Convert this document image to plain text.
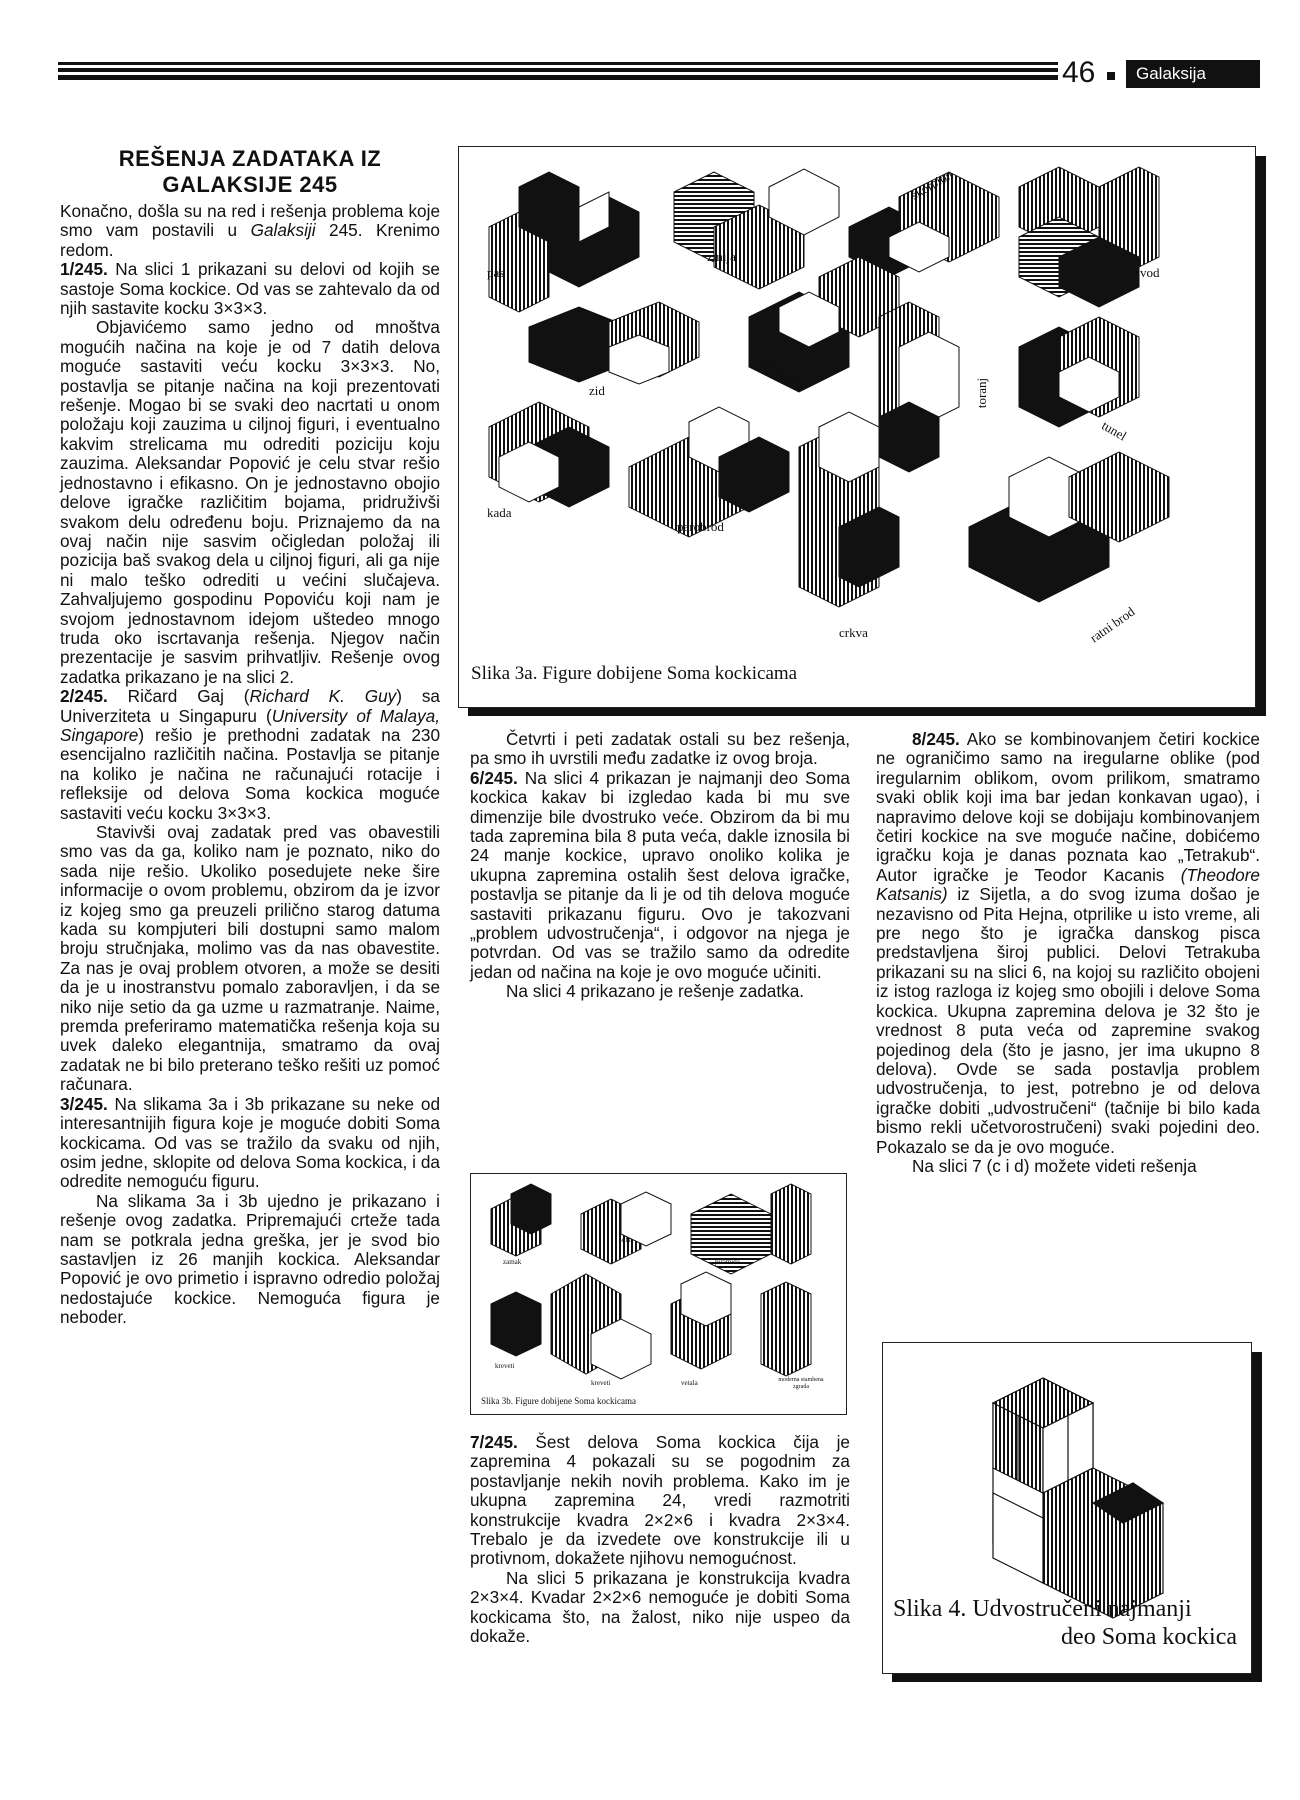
46	Galaksija
REŠENJA ZADATAKA IZ
GALAKSIJE 245

Konačno, došla su na red i rešenja problema koje smo vam postavili u Galaksiji 245. Krenimo redom.

1/245. Na slici 1 prikazani su delovi od kojih se sastoje Soma kockice. Od vas se zahtevalo da od njih sastavite kocku 3×3×3.

Objavićemo samo jedno od mnoštva mogućih načina na koje je od 7 datih delova moguće sastaviti veću kocku 3×3×3. No, postavlja se pitanje načina na koji prezentovati rešenje. Mogao bi se svaki deo nacrtati u onom položaju koji zauzima u ciljnoj figuri, i eventualno kakvim strelicama mu odrediti poziciju koju zauzima. Aleksandar Popović je celu stvar rešio jednostavno i efikasno. On je jednostavno obojio delove igračke različitim bojama, pridruživši svakom delu određenu boju. Priznajemo da na ovaj način nije sasvim očigledan položaj ili pozicija baš svakog dela u ciljnoj figuri, ali ga nije ni malo teško odrediti u većini slučajeva. Zahvaljujemo gospodinu Popoviću koji nam je svojom jednostavnom idejom uštedeo mnogo truda oko iscrtavanja rešenja. Njegov način prezentacije je sasvim prihvatljiv. Rešenje ovog zadatka prikazano je na slici 2.

2/245. Ričard Gaj (Richard K. Guy) sa Univerziteta u Singapuru (University of Malaya, Singapore) rešio je prethodni zadatak na 230 esencijalno različitih načina. Postavlja se pitanje na koliko je načina ne računajući rotacije i refleksije od delova Soma kockica moguće sastaviti veću kocku 3×3×3.

Stavivši ovaj zadatak pred vas obavestili smo vas da ga, koliko nam je poznato, niko do sada nije rešio. Ukoliko posedujete neke šire informacije o ovom problemu, obzirom da je izvor iz kojeg smo ga preuzeli prilično starog datuma kada su kompjuteri bili dostupni samo malom broju stručnjaka, molimo vas da nas obavestite. Za nas je ovaj problem otvoren, a može se desiti da je u inostranstvu pomalo zaboravljen, i da se niko nije setio da ga uzme u razmatranje. Naime, premda preferiramo matematička rešenja koja su uvek daleko elegantnija, smatramo da ovaj zadatak ne bi bilo preterano teško rešiti uz pomoć računara.

3/245. Na slikama 3a i 3b prikazane su neke od interesantnijih figura koje je moguće dobiti Soma kockicama. Od vas se tražilo da svaku od njih, osim jedne, sklopite od delova Soma kockica, i da odredite nemoguću figuru.

Na slikama 3a i 3b ujedno je prikazano i rešenje ovog zadatka. Pripremajući crteže tada nam se potkrala jedna greška, jer je svod bio sastavljen iz 26 manjih kockica. Aleksandar Popović je ovo primetio i ispravno odredio položaj nedostajuće kockice. Nemoguća figura je neboder.

pas
zmija
škorpion
svod
zid	stepenice
toranj
tunel
kada
parobrod
crkva	ratni brod
Slika 3a. Figure dobijene Soma kockicama

Četvrti i peti zadatak ostali su bez rešenja, pa smo ih uvrstili među zadatke iz ovog broja.

6/245. Na slici 4 prikazan je najmanji deo Soma kockica kakav bi izgledao kada bi mu sve dimenzije bile dvostruko veće. Obzirom da bi mu tada zapremina bila 8 puta veća, dakle iznosila bi 24 manje kockice, upravo onoliko kolika je ukupna zapremina ostalih šest delova igračke, postavlja se pitanje da li je od tih delova moguće sastaviti prikazanu figuru. Ovo je takozvani „problem udvostručenja“, i odgovor na njega je potvrdan. Od vas se tražilo samo da odredite jedan od načina na koje je ovo moguće učiniti.

Na slici 4 prikazano je rešenje zadatka.

zamak
sofa
piramida
krst
kreveti	vetala	moderna stambena zgrada
kreveti
Slika 3b. Figure dobijene Soma kockicama

7/245. Šest delova Soma kockica čija je zapremina 4 pokazali su se pogodnim za postavljanje nekih novih problema. Kako im je ukupna zapremina 24, vredi razmotriti konstrukcije kvadra 2×2×6 i kvadra 2×3×4. Trebalo je da izvedete ove konstrukcije ili u protivnom, dokažete njihovu nemogućnost.

Na slici 5 prikazana je konstrukcija kvadra 2×3×4. Kvadar 2×2×6 nemoguće je dobiti Soma kockicama što, na žalost, niko nije uspeo da dokaže.

8/245. Ako se kombinovanjem četiri kockice ne ograničimo samo na iregularne oblike (pod iregularnim oblikom, ovom prilikom, smatramo svaki oblik koji ima bar jedan konkavan ugao), i napravimo delove koji se dobijaju kombinovanjem četiri kockice na sve moguće načine, dobićemo igračku koja je danas poznata kao „Tetrakub“. Autor igračke je Teodor Kacanis (Theodore Katsanis) iz Sijetla, a do svog izuma došao je nezavisno od Pita Hejna, otprilike u isto vreme, ali pre nego što je igračka danskog pisca predstavljena široj publici. Delovi Tetrakuba prikazani su na slici 6, na kojoj su različito obojeni iz istog razloga iz kojeg smo obojili i delove Soma kockica. Ukupna zapremina delova je 32 što je vrednost 8 puta veća od zapremine svakog pojedinog dela (što je jasno, jer ima ukupno 8 delova). Ovde se sada postavlja problem udvostručenja, to jest, potrebno je od delova igračke dobiti „udvostručeni“ (tačnije bi bilo kada bismo rekli učetvorostručeni) svaki pojedini deo. Pokazalo se da je ovo moguće.

Na slici 7 (c i d) možete videti rešenja

Slika 4. Udvostručeni najmanji
deo Soma kockica
